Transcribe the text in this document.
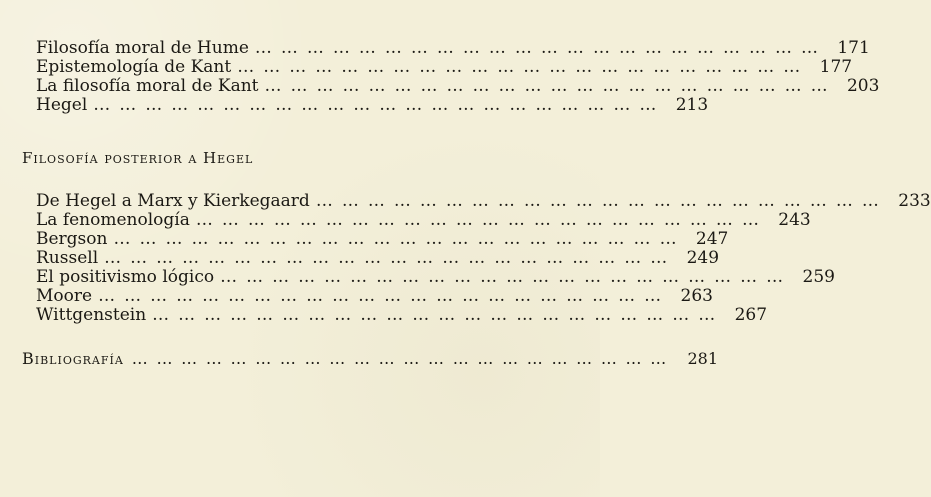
Filosofía moral de Hume … … … … … … … … … … … … … … … … … … … … … … 171
Epistemología de Kant … … … … … … … … … … … … … … … … … … … … … … 177
La filosofía moral de Kant … … … … … … … … … … … … … … … … … … … … … … 203
Hegel … … … … … … … … … … … … … … … … … … … … … … 213
Filosofía posterior a Hegel
De Hegel a Marx y Kierkegaard … … … … … … … … … … … … … … … … … … … … … … 233
La fenomenología … … … … … … … … … … … … … … … … … … … … … … 243
Bergson … … … … … … … … … … … … … … … … … … … … … … 247
Russell … … … … … … … … … … … … … … … … … … … … … … 249
El positivismo lógico … … … … … … … … … … … … … … … … … … … … … … 259
Moore … … … … … … … … … … … … … … … … … … … … … … 263
Wittgenstein … … … … … … … … … … … … … … … … … … … … … … 267
Bibliografía … … … … … … … … … … … … … … … … … … … … … …	281
